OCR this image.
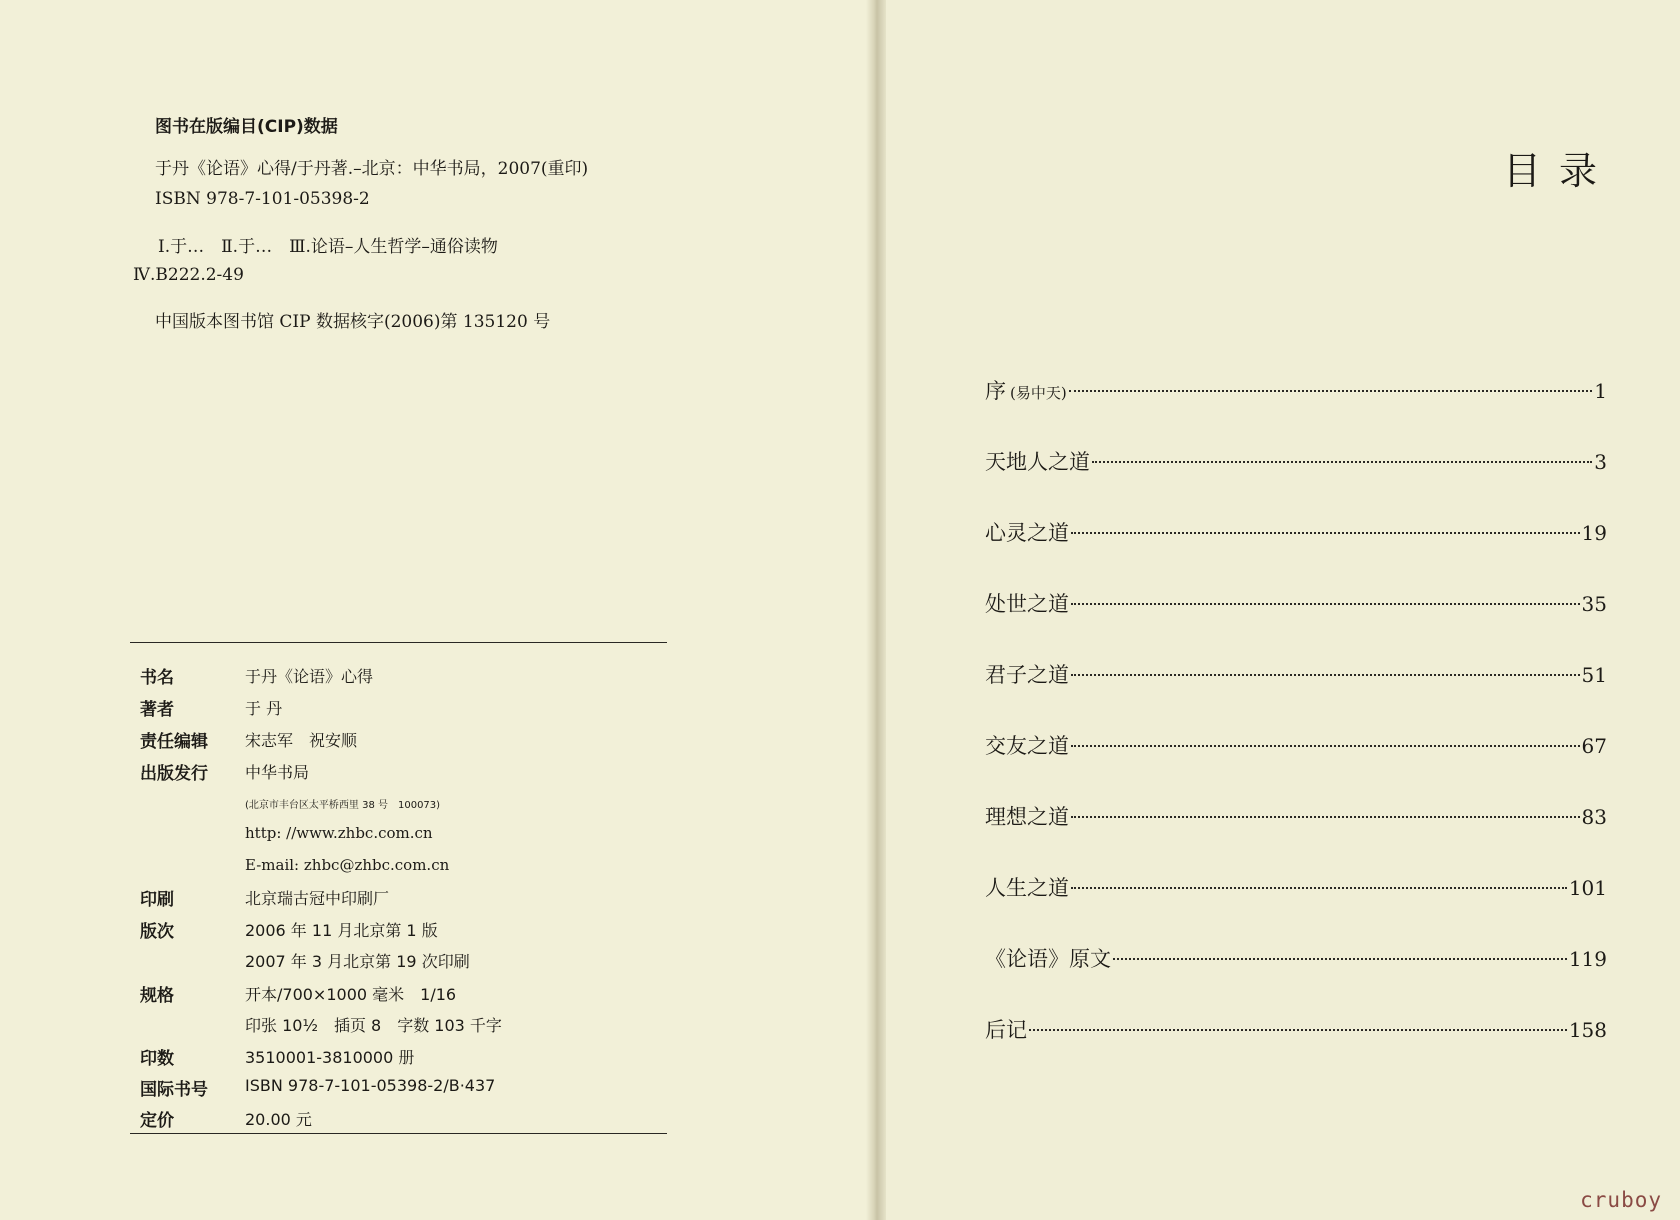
图书在版编目(CIP)数据
于丹《论语》心得/于丹著.–北京：中华书局，2007(重印)
ISBN 978-7-101-05398-2
Ⅰ.于…　Ⅱ.于…　Ⅲ.论语–人生哲学–通俗读物
Ⅳ.B222.2-49
中国版本图书馆 CIP 数据核字(2006)第 135120 号
书名	于丹《论语》心得
著者	于 丹
责任编辑 宋志军　祝安顺
出版发行 中华书局
(北京市丰台区太平桥西里 38 号　100073)
http: //www.zhbc.com.cn
E-mail: zhbc@zhbc.com.cn
印刷	北京瑞古冠中印刷厂
版次	2006 年 11 月北京第 1 版
2007 年 3 月北京第 19 次印刷
规格	开本/700×1000 毫米　1/16
印张 10½　插页 8　字数 103 千字
印数	3510001-3810000 册
国际书号 ISBN 978-7-101-05398-2/B·437
定价	20.00 元
目录
序 (易中天)	1
天地人之道	3
心灵之道	19
处世之道	35
君子之道	51
交友之道	67
理想之道	83
人生之道	101
《论语》原文	119
后记	158
cruboy
